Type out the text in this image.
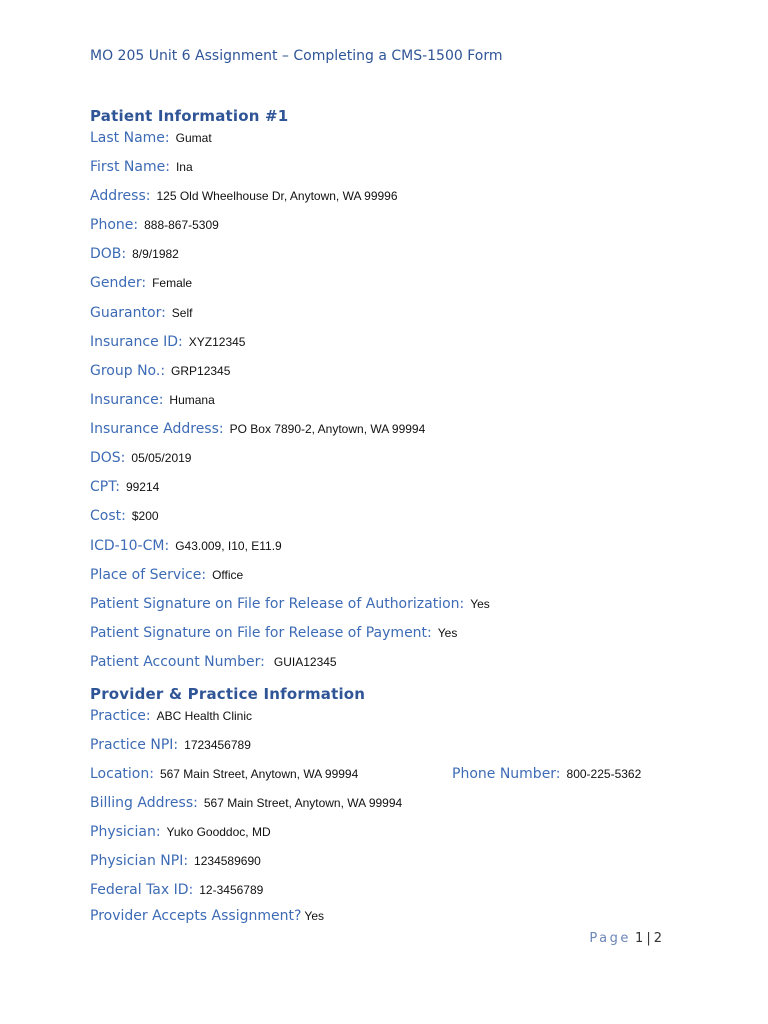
MO 205 Unit 6 Assignment – Completing a CMS-1500 Form
Patient Information #1
Last Name: Gumat
First Name: Ina
Address: 125 Old Wheelhouse Dr, Anytown, WA 99996
Phone: 888-867-5309
DOB: 8/9/1982
Gender: Female
Guarantor: Self
Insurance ID: XYZ12345
Group No.: GRP12345
Insurance: Humana
Insurance Address: PO Box 7890-2, Anytown, WA 99994
DOS: 05/05/2019
CPT: 99214
Cost: $200
ICD-10-CM: G43.009, I10, E11.9
Place of Service: Office
Patient Signature on File for Release of Authorization: Yes
Patient Signature on File for Release of Payment: Yes
Patient Account Number: GUIA12345
Provider & Practice Information
Practice: ABC Health Clinic
Practice NPI: 1723456789
Location: 567 Main Street, Anytown, WA 99994	Phone Number: 800-225-5362
Billing Address: 567 Main Street, Anytown, WA 99994
Physician: Yuko Gooddoc, MD
Physician NPI: 1234589690
Federal Tax ID: 12-3456789
Provider Accepts Assignment? Yes
Page 1 | 2
